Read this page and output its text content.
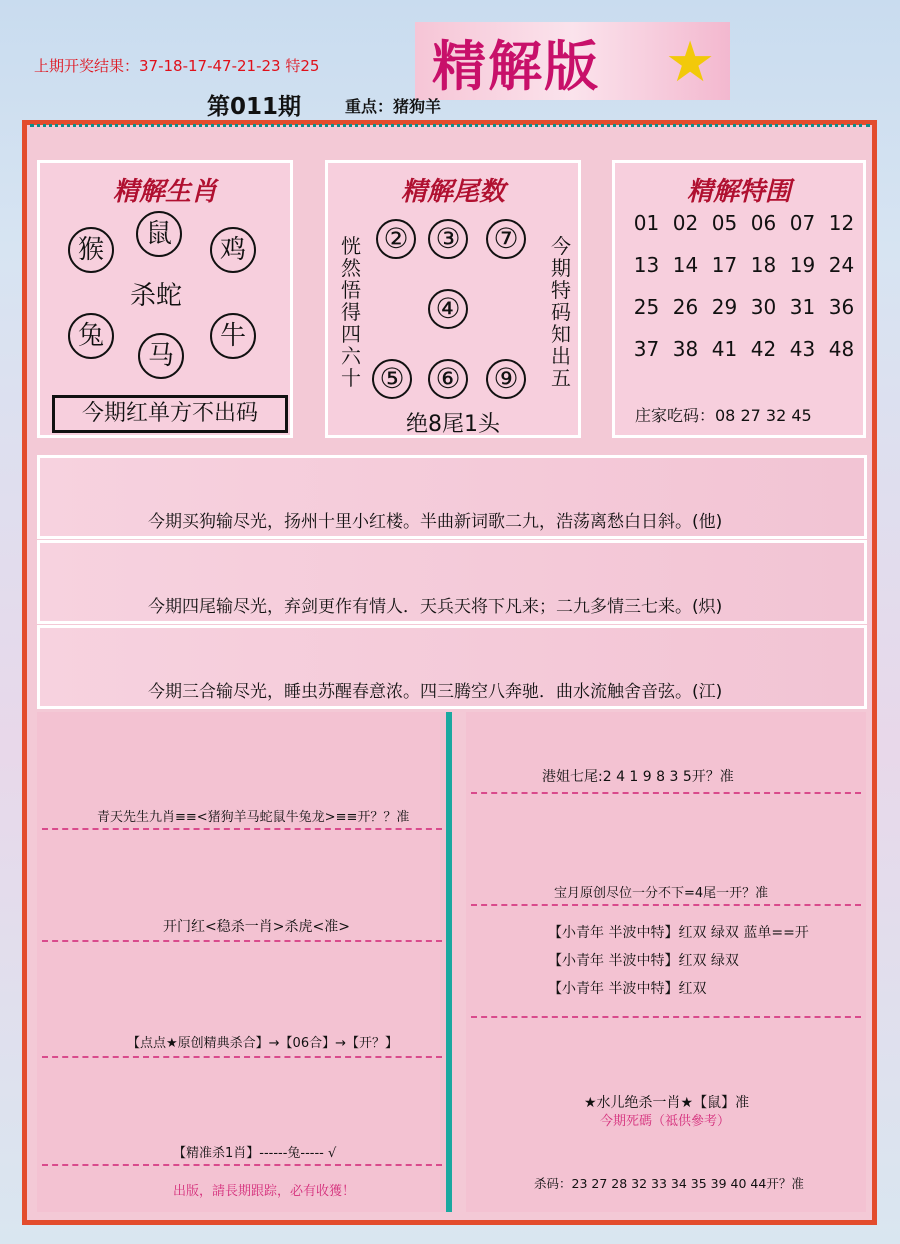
上期开奖结果：37-18-17-47-21-23 特25 精解版 ★
第011期	重点：猪狗羊
精解生肖
猴
鼠
鸡
兔
马
牛
杀蛇
今期红单方不出码
精解尾数
② ③ ⑦
④
⑤ ⑥ ⑨
恍然悟得四六十
今期特码知出五
绝8尾1头
精解特围
01 02 05 06 07 12
13 14 17 18 19 24
25 26 29 30 31 36
37 38 41 42 43 48
庄家吃码：08 27 32 45
今期买狗输尽光，扬州十里小红楼。半曲新词歌二九，浩荡离愁白日斜。(他)
今期四尾输尽光，弃剑更作有情人．天兵天将下凡来；二九多情三七来。(炽)
今期三合输尽光，睡虫苏醒春意浓。四三腾空八奔驰．曲水流触舍音弦。(江)
青天先生九肖≡≡<猪狗羊马蛇鼠牛兔龙>≡≡开？？准
开门红<稳杀一肖>杀虎<准>
【点点★原创精典杀合】→【06合】→【开？】
【精准杀1肖】------兔----- √
出版，請長期跟踪，必有收獲！
港姐七尾:2 4 1 9 8 3 5开？准
宝月原创尽位一分不下=4尾一开？准
【小青年 半波中特】红双 绿双 蓝单==开
【小青年 半波中特】红双 绿双
【小青年 半波中特】红双
★水儿绝杀一肖★【鼠】准
今期死碼（祗供參考）
杀码：23 27 28 32 33 34 35 39 40 44开？准
